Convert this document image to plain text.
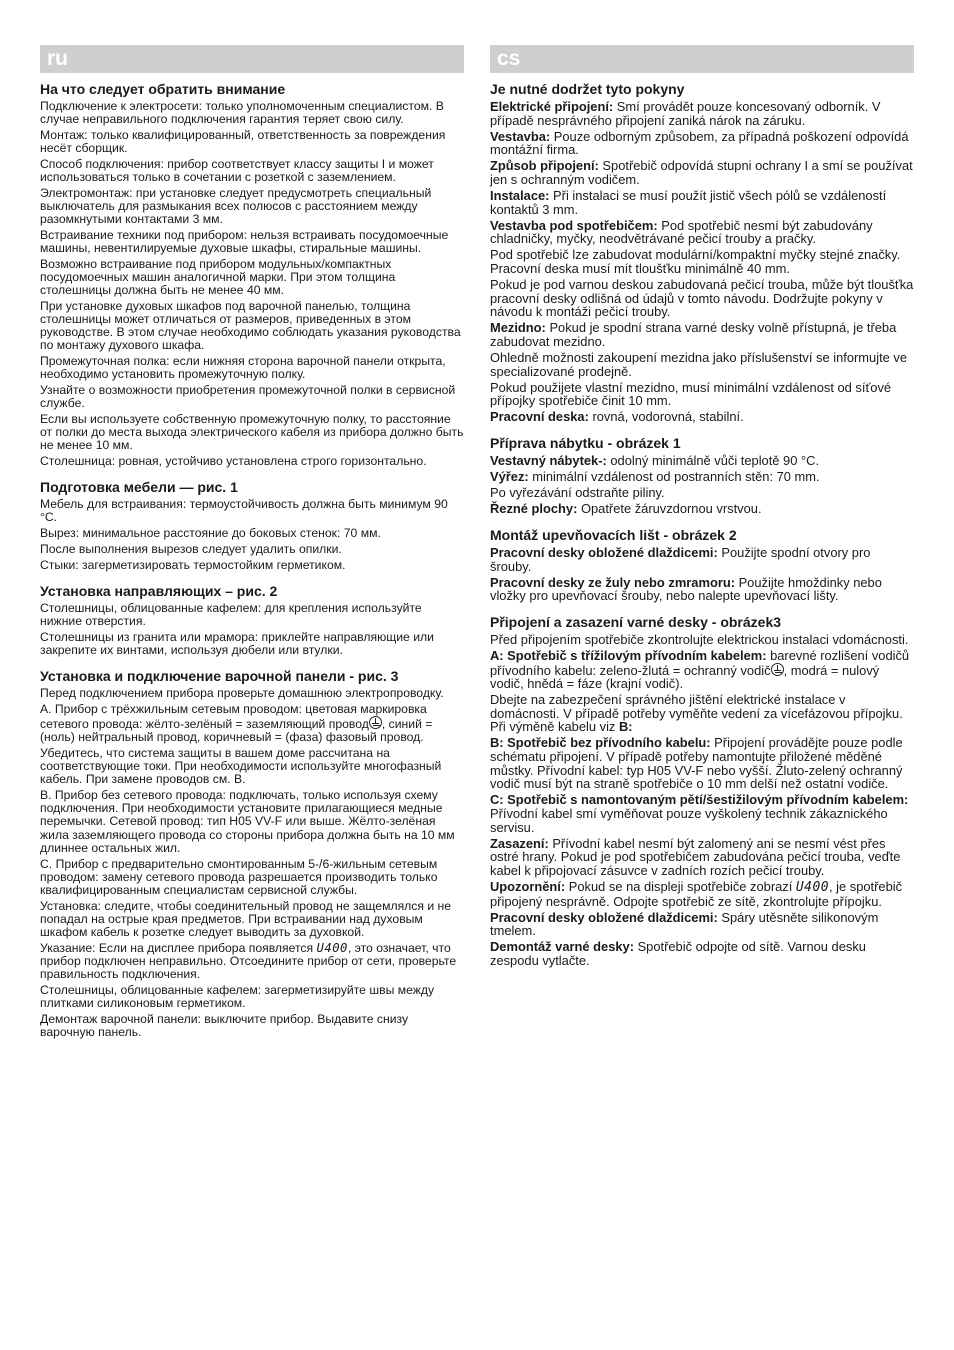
ru
На что следует обратить внимание
Подключение к электросети: только уполномоченным специалистом. В случае неправильного подключения гарантия теряет свою силу.
Монтаж: только квалифицированный, ответственность за повреждения несёт сборщик.
Способ подключения: прибор соответствует классу защиты I и может использоваться только в сочетании с розеткой с заземлением.
Электромонтаж: при установке следует предусмотреть специальный выключатель для размыкания всех полюсов с расстоянием между разомкнутыми контактами 3 мм.
Встраивание техники под прибором: нельзя встраивать посудомоечные машины, невентилируемые духовые шкафы, стиральные машины.
Возможно встраивание под прибором модульных/компактных посудомоечных машин аналогичной марки. При этом толщина столешницы должна быть не менее 40 мм.
При установке духовых шкафов под варочной панелью, толщина столешницы может отличаться от размеров, приведенных в этом руководстве. В этом случае необходимо соблюдать указания руководства по монтажу духового шкафа.
Промежуточная полка: если нижняя сторона варочной панели открыта, необходимо установить промежуточную полку.
Узнайте о возможности приобретения промежуточной полки в сервисной службе.
Если вы используете собственную промежуточную полку, то расстояние от полки до места выхода электрического кабеля из прибора должно быть не менее 10 мм.
Столешница: ровная, устойчиво установлена строго горизонтально.
Подготовка мебели — рис. 1
Мебель для встраивания: термоустойчивость должна быть минимум 90 °C.
Вырез: минимальное расстояние до боковых стенок: 70 мм.
После выполнения вырезов следует удалить опилки.
Стыки: загерметизировать термостойким герметиком.
Установка направляющих – рис. 2
Столешницы, облицованные кафелем: для крепления используйте нижние отверстия.
Столешницы из гранита или мрамора: приклейте направляющие или закрепите их винтами, используя дюбели или втулки.
Установка и подключение варочной панели - рис. 3
Перед подключением прибора проверьте домашнюю электропроводку.
А. Прибор с трёхжильным сетевым проводом: цветовая маркировка сетевого провода: жёлто-зелёный = заземляющий провод , синий = (ноль) нейтральный провод, коричневый = (фаза) фазовый провод.
Убедитесь, что система защиты в вашем доме рассчитана на соответствующие токи. При необходимости используйте многофазный кабель. При замене проводов см. B.
B. Прибор без сетевого провода: подключать, только используя схему подключения. При необходимости установите прилагающиеся медные перемычки. Сетевой провод: тип H05 VV-F или выше. Жёлто-зелёная жила заземляющего провода со стороны прибора должна быть на 10 мм длиннее остальных жил.
C. Прибор с предварительно смонтированным 5-/6-жильным сетевым проводом: замену сетевого провода разрешается производить только квалифицированным специалистам сервисной службы.
Установка: следите, чтобы соединительный провод не защемлялся и не попадал на острые края предметов. При встраивании над духовым шкафом кабель к розетке следует выводить за духовкой.
Указание: Если на дисплее прибора появляется U400, это означает, что прибор подключен неправильно. Отсоедините прибор от сети, проверьте правильность подключения.
Столешницы, облицованные кафелем: загерметизируйте швы между плитками силиконовым герметиком.
Демонтаж варочной панели: выключите прибор. Выдавите снизу варочную панель.
cs
Je nutné dodržet tyto pokyny
Elektrické připojení: Smí provádět pouze koncesovaný odborník. V případě nesprávného připojení zaniká nárok na záruku.
Vestavba: Pouze odborným způsobem, za případná poškození odpovídá montážní firma.
Způsob připojení: Spotřebič odpovídá stupni ochrany I a smí se používat jen s ochranným vodičem.
Instalace: Při instalaci se musí použít jistič všech pólů se vzdáleností kontaktů 3 mm.
Vestavba pod spotřebičem: Pod spotřebič nesmí být zabudovány chladničky, myčky, neodvětrávané pečicí trouby a pračky.
Pod spotřebič lze zabudovat modulární/kompaktní myčky stejné značky. Pracovní deska musí mít tloušťku minimálně 40 mm.
Pokud je pod varnou deskou zabudovaná pečicí trouba, může být tloušťka pracovní desky odlišná od údajů v tomto návodu. Dodržujte pokyny v návodu k montáži pečicí trouby.
Mezidno: Pokud je spodní strana varné desky volně přístupná, je třeba zabudovat mezidno.
Ohledně možnosti zakoupení mezidna jako příslušenství se informujte ve specializované prodejně.
Pokud použijete vlastní mezidno, musí minimální vzdálenost od síťové přípojky spotřebiče činit 10 mm.
Pracovní deska: rovná, vodorovná, stabilní.
Příprava nábytku - obrázek 1
Vestavný nábytek-: odolný minimálně vůči teplotě 90 °C.
Výřez: minimální vzdálenost od postranních stěn: 70 mm.
Po vyřezávání odstraňte piliny.
Řezné plochy: Opatřete žáruvzdornou vrstvou.
Montáž upevňovacích lišt - obrázek 2
Pracovní desky obložené dlaždicemi: Použijte spodní otvory pro šrouby.
Pracovní desky ze žuly nebo zmramoru: Použijte hmoždinky nebo vložky pro upevňovací šrouby, nebo nalepte upevňovací lišty.
Připojení a zasazení varné desky - obrázek3
Před připojením spotřebiče zkontrolujte elektrickou instalaci vdomácnosti.
A: Spotřebič s třížilovým přívodním kabelem: barevné rozlišení vodičů přívodního kabelu: zeleno-žlutá = ochranný vodič , modrá = nulový vodič, hnědá = fáze (krajní vodič).
Dbejte na zabezpečení správného jištění elektrické instalace v domácnosti. V případě potřeby vyměňte vedení za vícefázovou přípojku. Při výměně kabelu viz B:
B: Spotřebič bez přívodního kabelu: Připojení provádějte pouze podle schématu připojení. V případě potřeby namontujte přiložené měděné můstky. Přívodní kabel: typ H05 VV-F nebo vyšší. Žluto-zelený ochranný vodič musí být na straně spotřebiče o 10 mm delší než ostatní vodiče.
C: Spotřebič s namontovaným pětí/šestižilovým přívodním kabelem: Přívodní kabel smí vyměňovat pouze vyškolený technik zákaznického servisu.
Zasazení: Přívodní kabel nesmí být zalomený ani se nesmí vést přes ostré hrany. Pokud je pod spotřebičem zabudována pečicí trouba, veďte kabel k připojovací zásuvce v zadních rozích pečicí trouby.
Upozornění: Pokud se na displeji spotřebiče zobrazí U400, je spotřebič připojený nesprávně. Odpojte spotřebič ze sítě, zkontrolujte přípojku.
Pracovní desky obložené dlaždicemi: Spáry utěsněte silikonovým tmelem.
Demontáž varné desky: Spotřebič odpojte od sítě. Varnou desku zespodu vytlačte.
